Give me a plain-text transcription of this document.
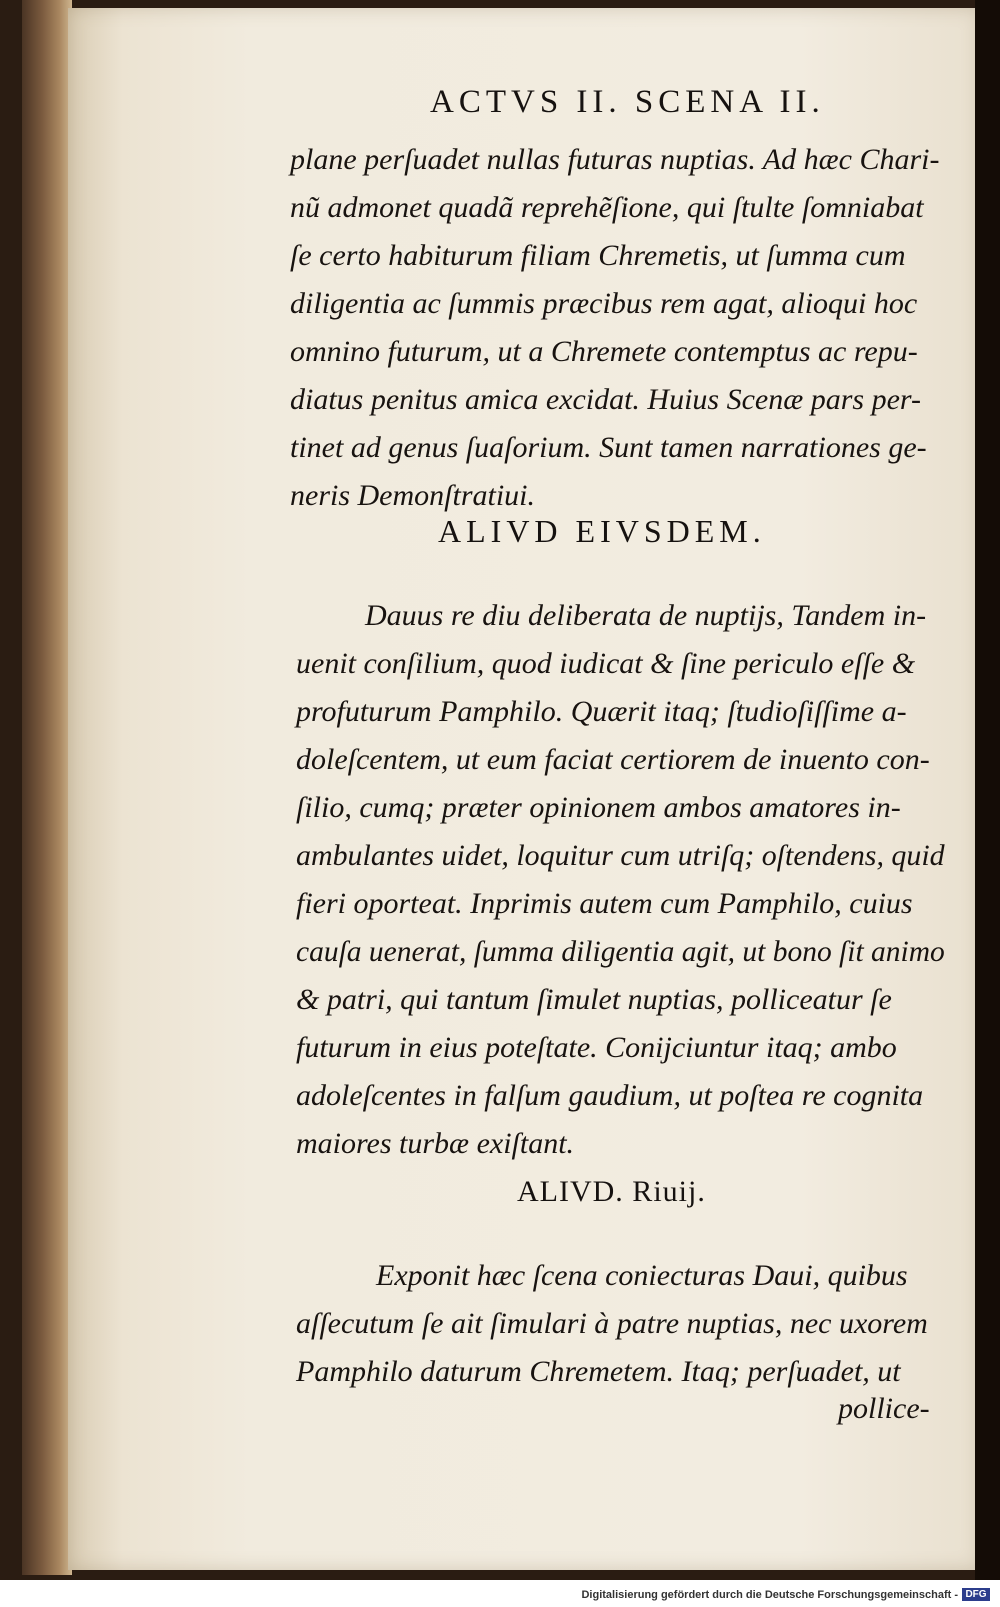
ACTVS II. SCENA II.
plane perſuadet nullas futuras nuptias. Ad hæc Chari-
nũ admonet quadã reprehẽſione, qui ſtulte ſomniabat
ſe certo habiturum filiam Chremetis, ut ſumma cum
diligentia ac ſummis præcibus rem agat, alioqui hoc
omnino futurum, ut a Chremete contemptus ac repu-
diatus penitus amica excidat. Huius Scenæ pars per-
tinet ad genus ſuaſorium. Sunt tamen narrationes ge-
neris Demonſtratiui.
ALIVD EIVSDEM.
Dauus re diu deliberata de nuptijs, Tandem in-
uenit conſilium, quod iudicat & ſine periculo eſſe &
profuturum Pamphilo. Quærit itaq; ſtudioſiſſime a-
doleſcentem, ut eum faciat certiorem de inuento con-
ſilio, cumq; præter opinionem ambos amatores in-
ambulantes uidet, loquitur cum utriſq; oſtendens, quid
fieri oporteat. Inprimis autem cum Pamphilo, cuius
cauſa uenerat, ſumma diligentia agit, ut bono ſit animo
& patri, qui tantum ſimulet nuptias, polliceatur ſe
futurum in eius poteſtate. Conijciuntur itaq; ambo
adoleſcentes in falſum gaudium, ut poſtea re cognita
maiores turbæ exiſtant.
ALIVD. Riuij.
Exponit hæc ſcena coniecturas Daui, quibus
aſſecutum ſe ait ſimulari à patre nuptias, nec uxorem
Pamphilo daturum Chremetem. Itaq; perſuadet, ut
pollice-
Digitalisierung gefördert durch die Deutsche Forschungsgemeinschaft - DFG
